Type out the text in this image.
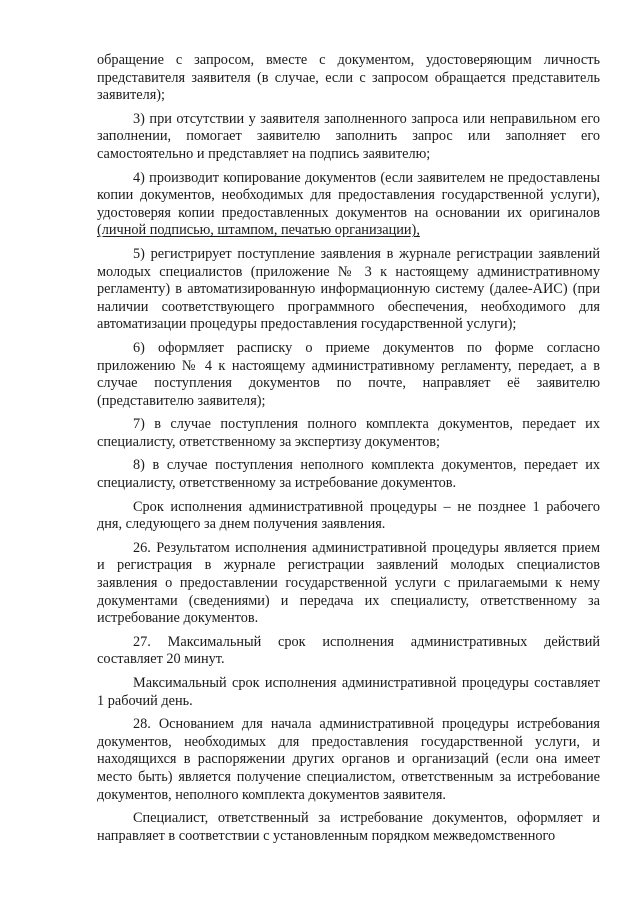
обращение с запросом, вместе с документом, удостоверяющим личность представителя заявителя (в случае, если с запросом обращается представитель заявителя);

3) при отсутствии у заявителя заполненного запроса или неправильном его заполнении, помогает заявителю заполнить запрос или заполняет его самостоятельно и представляет на подпись заявителю;

4) производит копирование документов (если заявителем не предоставлены копии документов, необходимых для предоставления государственной услуги), удостоверяя копии предоставленных документов на основании их оригиналов (личной подписью, штампом, печатью организации),

5) регистрирует поступление заявления в журнале регистрации заявлений молодых специалистов (приложение № 3 к настоящему административному регламенту) в автоматизированную информационную систему (далее-АИС) (при наличии соответствующего программного обеспечения, необходимого для автоматизации процедуры предоставления государственной услуги);

6) оформляет расписку о приеме документов по форме согласно приложению № 4 к настоящему административному регламенту, передает, а в случае поступления документов по почте, направляет её заявителю (представителю заявителя);

7) в случае поступления полного комплекта документов, передает их специалисту, ответственному за экспертизу документов;

8) в случае поступления неполного комплекта документов, передает их специалисту, ответственному за истребование документов.

Срок исполнения административной процедуры – не позднее 1 рабочего дня, следующего за днем получения заявления.

26. Результатом исполнения административной процедуры является прием и регистрация в журнале регистрации заявлений молодых специалистов заявления о предоставлении государственной услуги с прилагаемыми к нему документами (сведениями) и передача их специалисту, ответственному за истребование документов.

27. Максимальный срок исполнения административных действий составляет 20 минут.

Максимальный срок исполнения административной процедуры составляет 1 рабочий день.

28. Основанием для начала административной процедуры истребования документов, необходимых для предоставления государственной услуги, и находящихся в распоряжении других органов и организаций (если она имеет место быть) является получение специалистом, ответственным за истребование документов, неполного комплекта документов заявителя.

Специалист, ответственный за истребование документов, оформляет и направляет в соответствии с установленным порядком межведомственного
